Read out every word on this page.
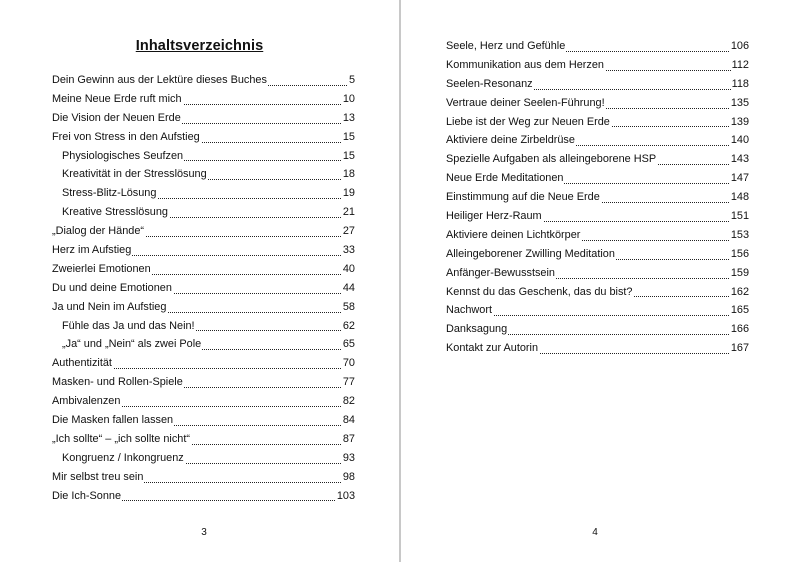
Inhaltsverzeichnis
Dein Gewinn aus der Lektüre dieses Buches	5
Meine Neue Erde ruft mich	10
Die Vision der Neuen Erde	13
Frei von Stress in den Aufstieg	15
Physiologisches Seufzen	15
Kreativität in der Stresslösung	18
Stress-Blitz-Lösung	19
Kreative Stresslösung	21
„Dialog der Hände“	27
Herz im Aufstieg	33
Zweierlei Emotionen	40
Du und deine Emotionen	44
Ja und Nein im Aufstieg	58
Fühle das Ja und das Nein!	62
„Ja“ und „Nein“ als zwei Pole	65
Authentizität	70
Masken- und Rollen-Spiele	77
Ambivalenzen	82
Die Masken fallen lassen	84
„Ich sollte“ – „ich sollte nicht“	87
Kongruenz / Inkongruenz	93
Mir selbst treu sein	98
Die Ich-Sonne	103
3
Seele, Herz und Gefühle	106
Kommunikation aus dem Herzen	112
Seelen-Resonanz	118
Vertraue deiner Seelen-Führung!	135
Liebe ist der Weg zur Neuen Erde	139
Aktiviere deine Zirbeldrüse	140
Spezielle Aufgaben als alleingeborene HSP	143
Neue Erde Meditationen	147
Einstimmung auf die Neue Erde	148
Heiliger Herz-Raum	151
Aktiviere deinen Lichtkörper	153
Alleingeborener Zwilling Meditation	156
Anfänger-Bewusstsein	159
Kennst du das Geschenk, das du bist?	162
Nachwort	165
Danksagung	166
Kontakt zur Autorin	167
4
